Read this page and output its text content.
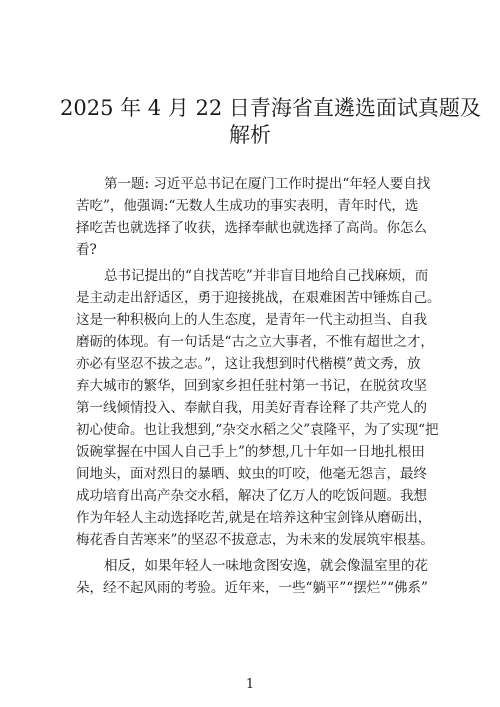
2025 年 4 月 22 日青海省直遴选面试真题及
解析
第一题: 习近平总书记在厦门工作时提出“年轻人要自找
苦吃”，他强调:“无数人生成功的事实表明，青年时代，选
择吃苦也就选择了收获，选择奉献也就选择了高尚。你怎么
看?
总书记提出的“自找苦吃”并非盲目地给自己找麻烦，而
是主动走出舒适区，勇于迎接挑战，在艰难困苦中锤炼自己。
这是一种积极向上的人生态度，是青年一代主动担当、自我
磨砺的体现。有一句话是“古之立大事者，不惟有超世之才，
亦必有坚忍不拔之志。”，这让我想到时代楷模”黄文秀，放
弃大城市的繁华，回到家乡担任驻村第一书记，在脱贫攻坚
第一线倾情投入、奉献自我，用美好青春诠释了共产党人的
初心使命。也让我想到,“杂交水稻之父”袁隆平，为了实现“把
饭碗掌握在中国人自己手上”的梦想,几十年如一日地扎根田
间地头，面对烈日的暴晒、蚊虫的叮咬，他毫无怨言，最终
成功培育出高产杂交水稻，解决了亿万人的吃饭问题。我想
作为年轻人主动选择吃苦,就是在培养这种宝剑锋从磨砺出，
梅花香自苦寒来”的坚忍不拔意志，为未来的发展筑牢根基。
相反，如果年轻人一味地贪图安逸，就会像温室里的花
朵，经不起风雨的考验。近年来，一些“躺平”“摆烂”“佛系”
1
